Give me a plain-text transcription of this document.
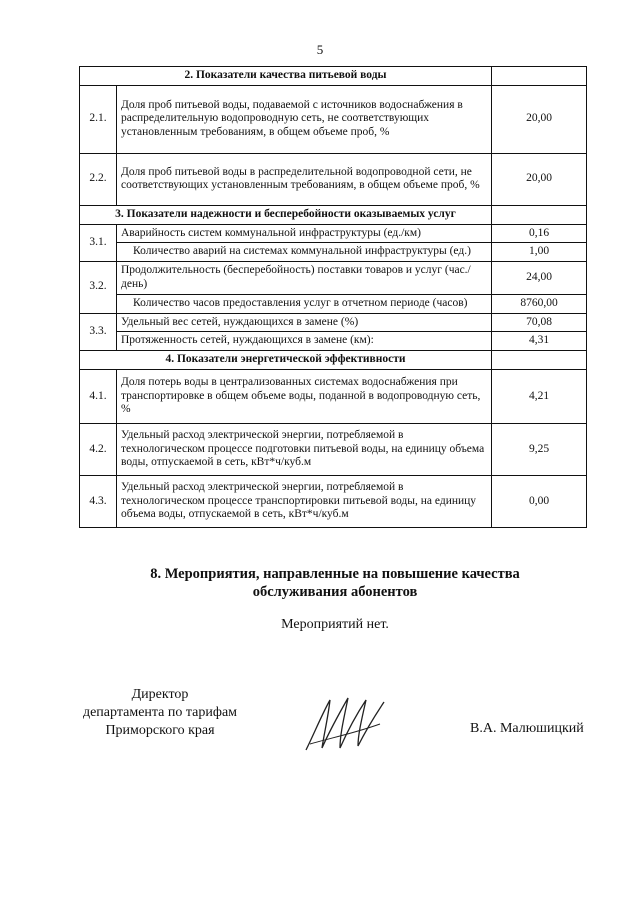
5
2. Показатели качества питьевой воды		
2.1.	Доля проб питьевой воды, подаваемой с источников водоснабжения в распределительную водопроводную сеть, не соответствующих установленным требованиям, в общем объеме проб, %	20,00
2.2.	Доля проб питьевой воды в распределительной водопроводной сети, не соответствующих установленным требованиям, в общем объеме проб, %	20,00
3. Показатели надежности и бесперебойности оказываемых услуг		
3.1.	Аварийность систем коммунальной инфраструктуры (ед./км)	0,16
	Количество аварий на системах коммунальной инфраструктуры (ед.)	1,00
3.2.	Продолжительность (бесперебойность) поставки товаров и услуг (час./день)	24,00
	Количество часов предоставления услуг в отчетном периоде (часов)	8760,00
3.3.	Удельный вес сетей, нуждающихся в замене (%)	70,08
	Протяженность сетей, нуждающихся в замене (км):	4,31
4. Показатели энергетической эффективности		
4.1.	Доля потерь воды в централизованных системах водоснабжения при транспортировке в общем объеме воды, поданной в водопроводную сеть, %	4,21
4.2.	Удельный расход электрической энергии, потребляемой в технологическом процессе подготовки питьевой воды, на единицу объема воды, отпускаемой в сеть, кВт*ч/куб.м	9,25
4.3.	Удельный расход электрической энергии, потребляемой в технологическом процессе транспортировки питьевой воды, на единицу объема воды, отпускаемой в сеть, кВт*ч/куб.м	0,00
8. Мероприятия, направленные на повышение качества
обслуживания абонентов
Мероприятий нет.
Директор
департамента по тарифам
Приморского края	В.А. Малюшицкий
